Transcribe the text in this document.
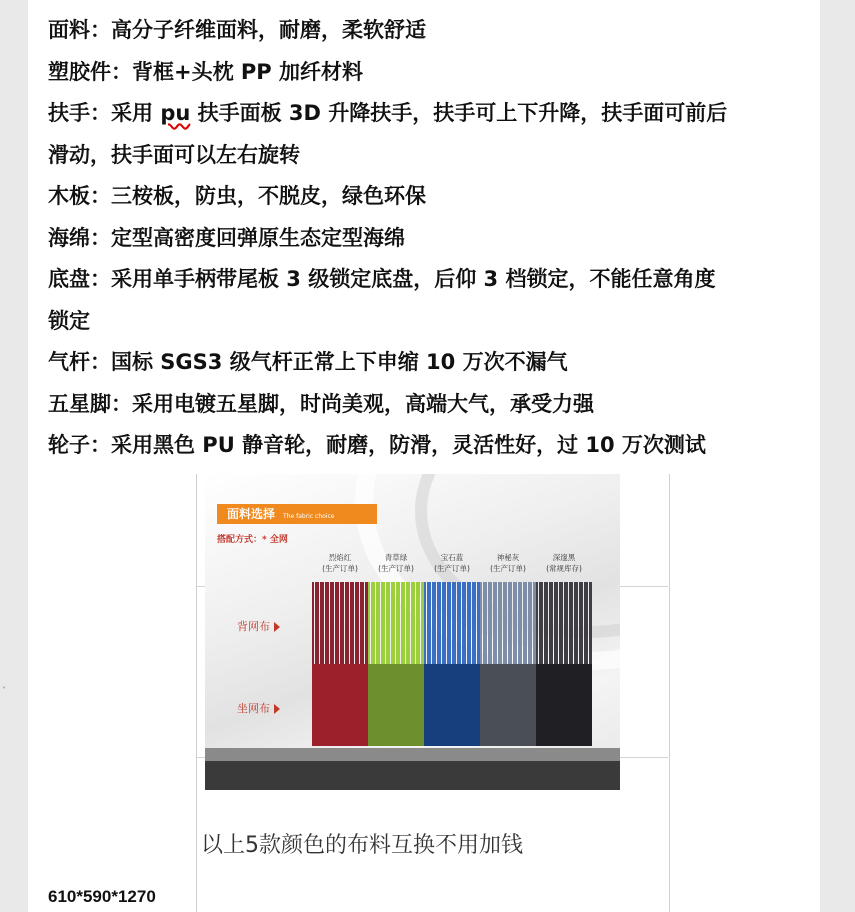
面料：高分子纤维面料，耐磨，柔软舒适
塑胶件：背框+头枕 PP 加纤材料
扶手：采用 pu 扶手面板 3D 升降扶手，扶手可上下升降，扶手面可前后
滑动，扶手面可以左右旋转
木板：三桉板，防虫，不脱皮，绿色环保
海绵：定型高密度回弹原生态定型海绵
底盘：采用单手柄带尾板 3 级锁定底盘，后仰 3 档锁定，不能任意角度
锁定
气杆：国标 SGS3 级气杆正常上下申缩 10 万次不漏气
五星脚：采用电镀五星脚，时尚美观，高端大气，承受力强
轮子：采用黑色 PU 静音轮，耐磨，防滑，灵活性好，过 10 万次测试
面料选择 The fabric choice
搭配方式：* 全网
烈焰红
(生产订单)
青草绿
(生产订单)
宝石蓝
(生产订单)
神秘灰
(生产订单)
深邃黑
(常规库存)
背网布
坐网布
以上5款颜色的布料互换不用加钱
610*590*1270
˅
